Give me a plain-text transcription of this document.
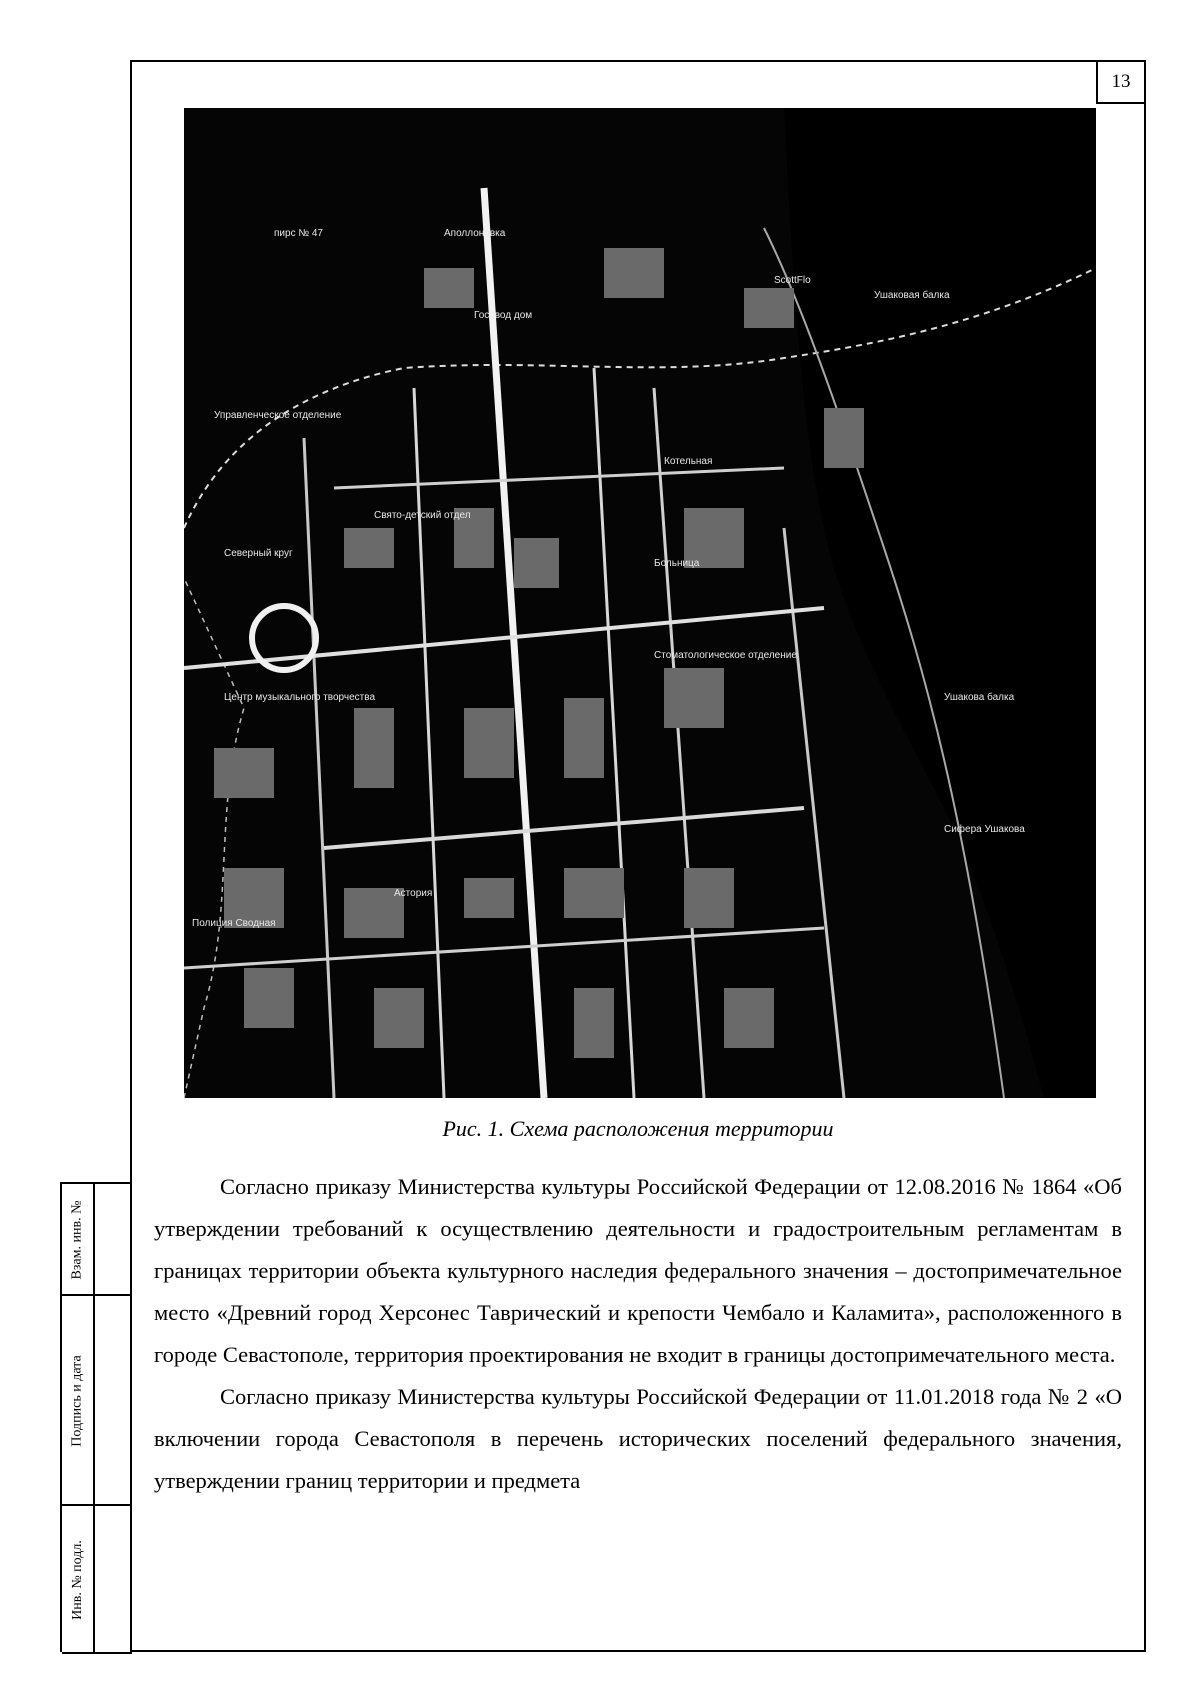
13
пирс № 47	Аполлоновка
Госпвод дом
ScottFlo
Ушаковая балка
Управленческое отделение
Свято-детский отдел
Северный круг
Котельная
Больница
Стоматологическое отделение
Центр музыкального творчества	Ушакова балка
Сифера Ушакова
Астория
Полиция Сводная
Рис. 1. Схема расположения территории

Согласно приказу Министерства культуры Российской Федерации от 12.08.2016 № 1864 «Об утверждении требований к осуществлению деятельности и градостроительным регламентам в границах территории объекта культурного наследия федерального значения – достопримечательное место «Древний город Херсонес Таврический и крепости Чембало и Каламита», расположенного в городе Севастополе, территория проектирования не входит в границы достопримечательного места.

Согласно приказу Министерства культуры Российской Федерации от 11.01.2018 года № 2 «О включении города Севастополя в перечень исторических поселений федерального значения, утверждении границ территории и предмета

Взам. инв. №
Подпись и дата
Инв. № подл.
